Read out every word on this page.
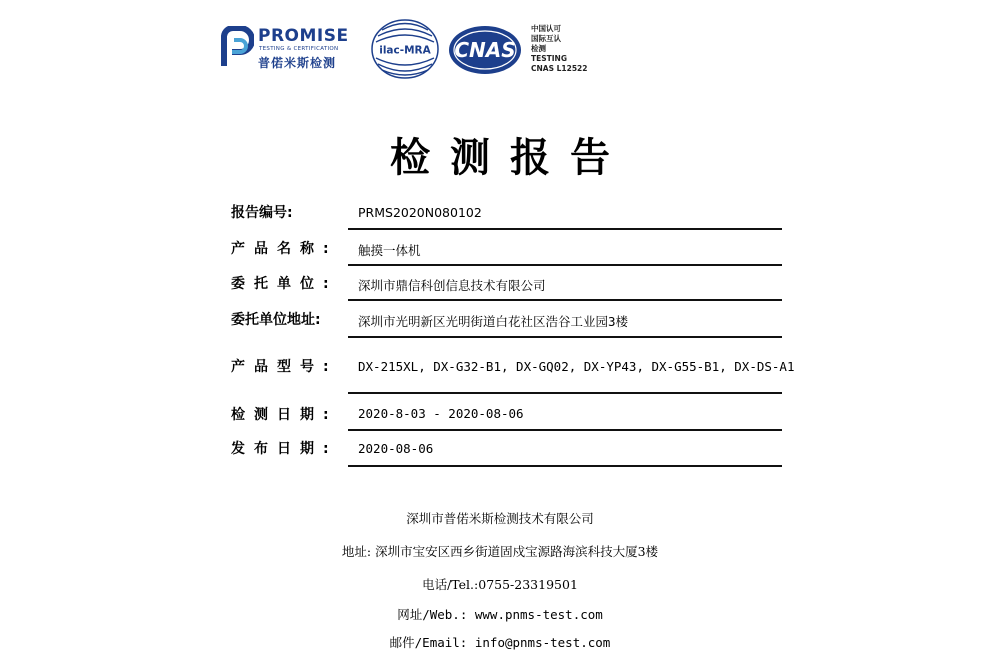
PROMISE
TESTING & CERTIFICATION
普偌米斯检测
ilac-MRA CNAS
中国认可
国际互认
检测
TESTING
CNAS L12522
检测报告
报告编号:	PRMS2020N080102
产品名称: 触摸一体机
委托单位: 深圳市鼎信科创信息技术有限公司
委托单位地址:	深圳市光明新区光明街道白花社区浩谷工业园3楼
产品型号: DX-215XL, DX-G32-B1, DX-GQ02, DX-YP43, DX-G55-B1, DX-DS-A1
检测日期: 2020-8-03 - 2020-08-06
发布日期: 2020-08-06
深圳市普偌米斯检测技术有限公司
地址: 深圳市宝安区西乡街道固戍宝源路海滨科技大厦3楼
电话/Tel.:0755-23319501
网址/Web.: www.pnms-test.com
邮件/Email: info@pnms-test.com
